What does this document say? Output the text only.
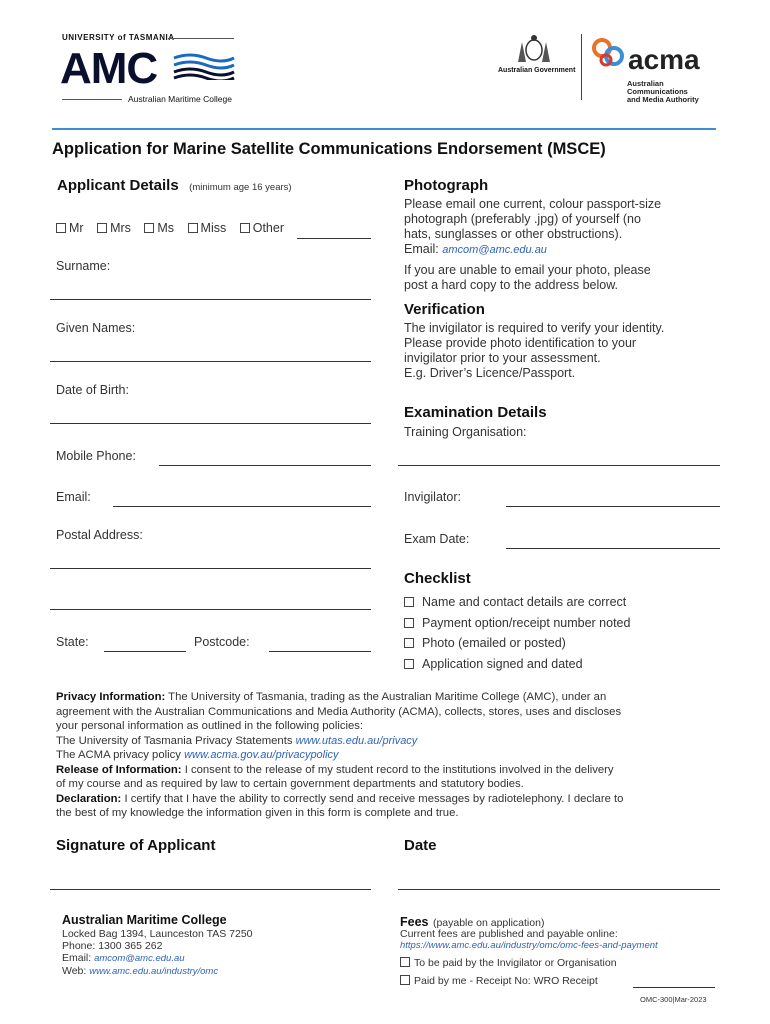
UNIVERSITY of TASMANIA
AMC
Australian Maritime College
Australian Government acma
Australian
Communications
and Media Authority
Application for Marine Satellite Communications Endorsement (MSCE)
Applicant Details (minimum age 16 years)
Mr Mrs Ms Miss Other
Surname:
Given Names:
Date of Birth:
Mobile Phone:
Email:
Postal Address:
State:	Postcode:
Photograph
Please email one current, colour passport-size
photograph (preferably .jpg) of yourself (no
hats, sunglasses or other obstructions).
Email: amcom@amc.edu.au
If you are unable to email your photo, please
post a hard copy to the address below.
Verification
The invigilator is required to verify your identity.
Please provide photo identification to your
invigilator prior to your assessment.
E.g. Driver’s Licence/Passport.
Examination Details
Training Organisation:
Invigilator:
Exam Date:
Checklist
Name and contact details are correct
Payment option/receipt number noted
Photo (emailed or posted)
Application signed and dated
Privacy Information: The University of Tasmania, trading as the Australian Maritime College (AMC), under an
agreement with the Australian Communications and Media Authority (ACMA), collects, stores, uses and discloses
your personal information as outlined in the following policies:
The University of Tasmania Privacy Statements www.utas.edu.au/privacy
The ACMA privacy policy www.acma.gov.au/privacypolicy
Release of Information: I consent to the release of my student record to the institutions involved in the delivery
of my course and as required by law to certain government departments and statutory bodies.
Declaration: I certify that I have the ability to correctly send and receive messages by radiotelephony. I declare to
the best of my knowledge the information given in this form is complete and true.
Signature of Applicant	Date
Australian Maritime College
Locked Bag 1394, Launceston TAS 7250
Phone: 1300 365 262
Email: amcom@amc.edu.au
Web: www.amc.edu.au/industry/omc
Fees (payable on application)
Current fees are published and payable online:
https://www.amc.edu.au/industry/omc/omc-fees-and-payment
To be paid by the Invigilator or Organisation
Paid by me - Receipt No: WRO Receipt
OMC-300|Mar-2023
